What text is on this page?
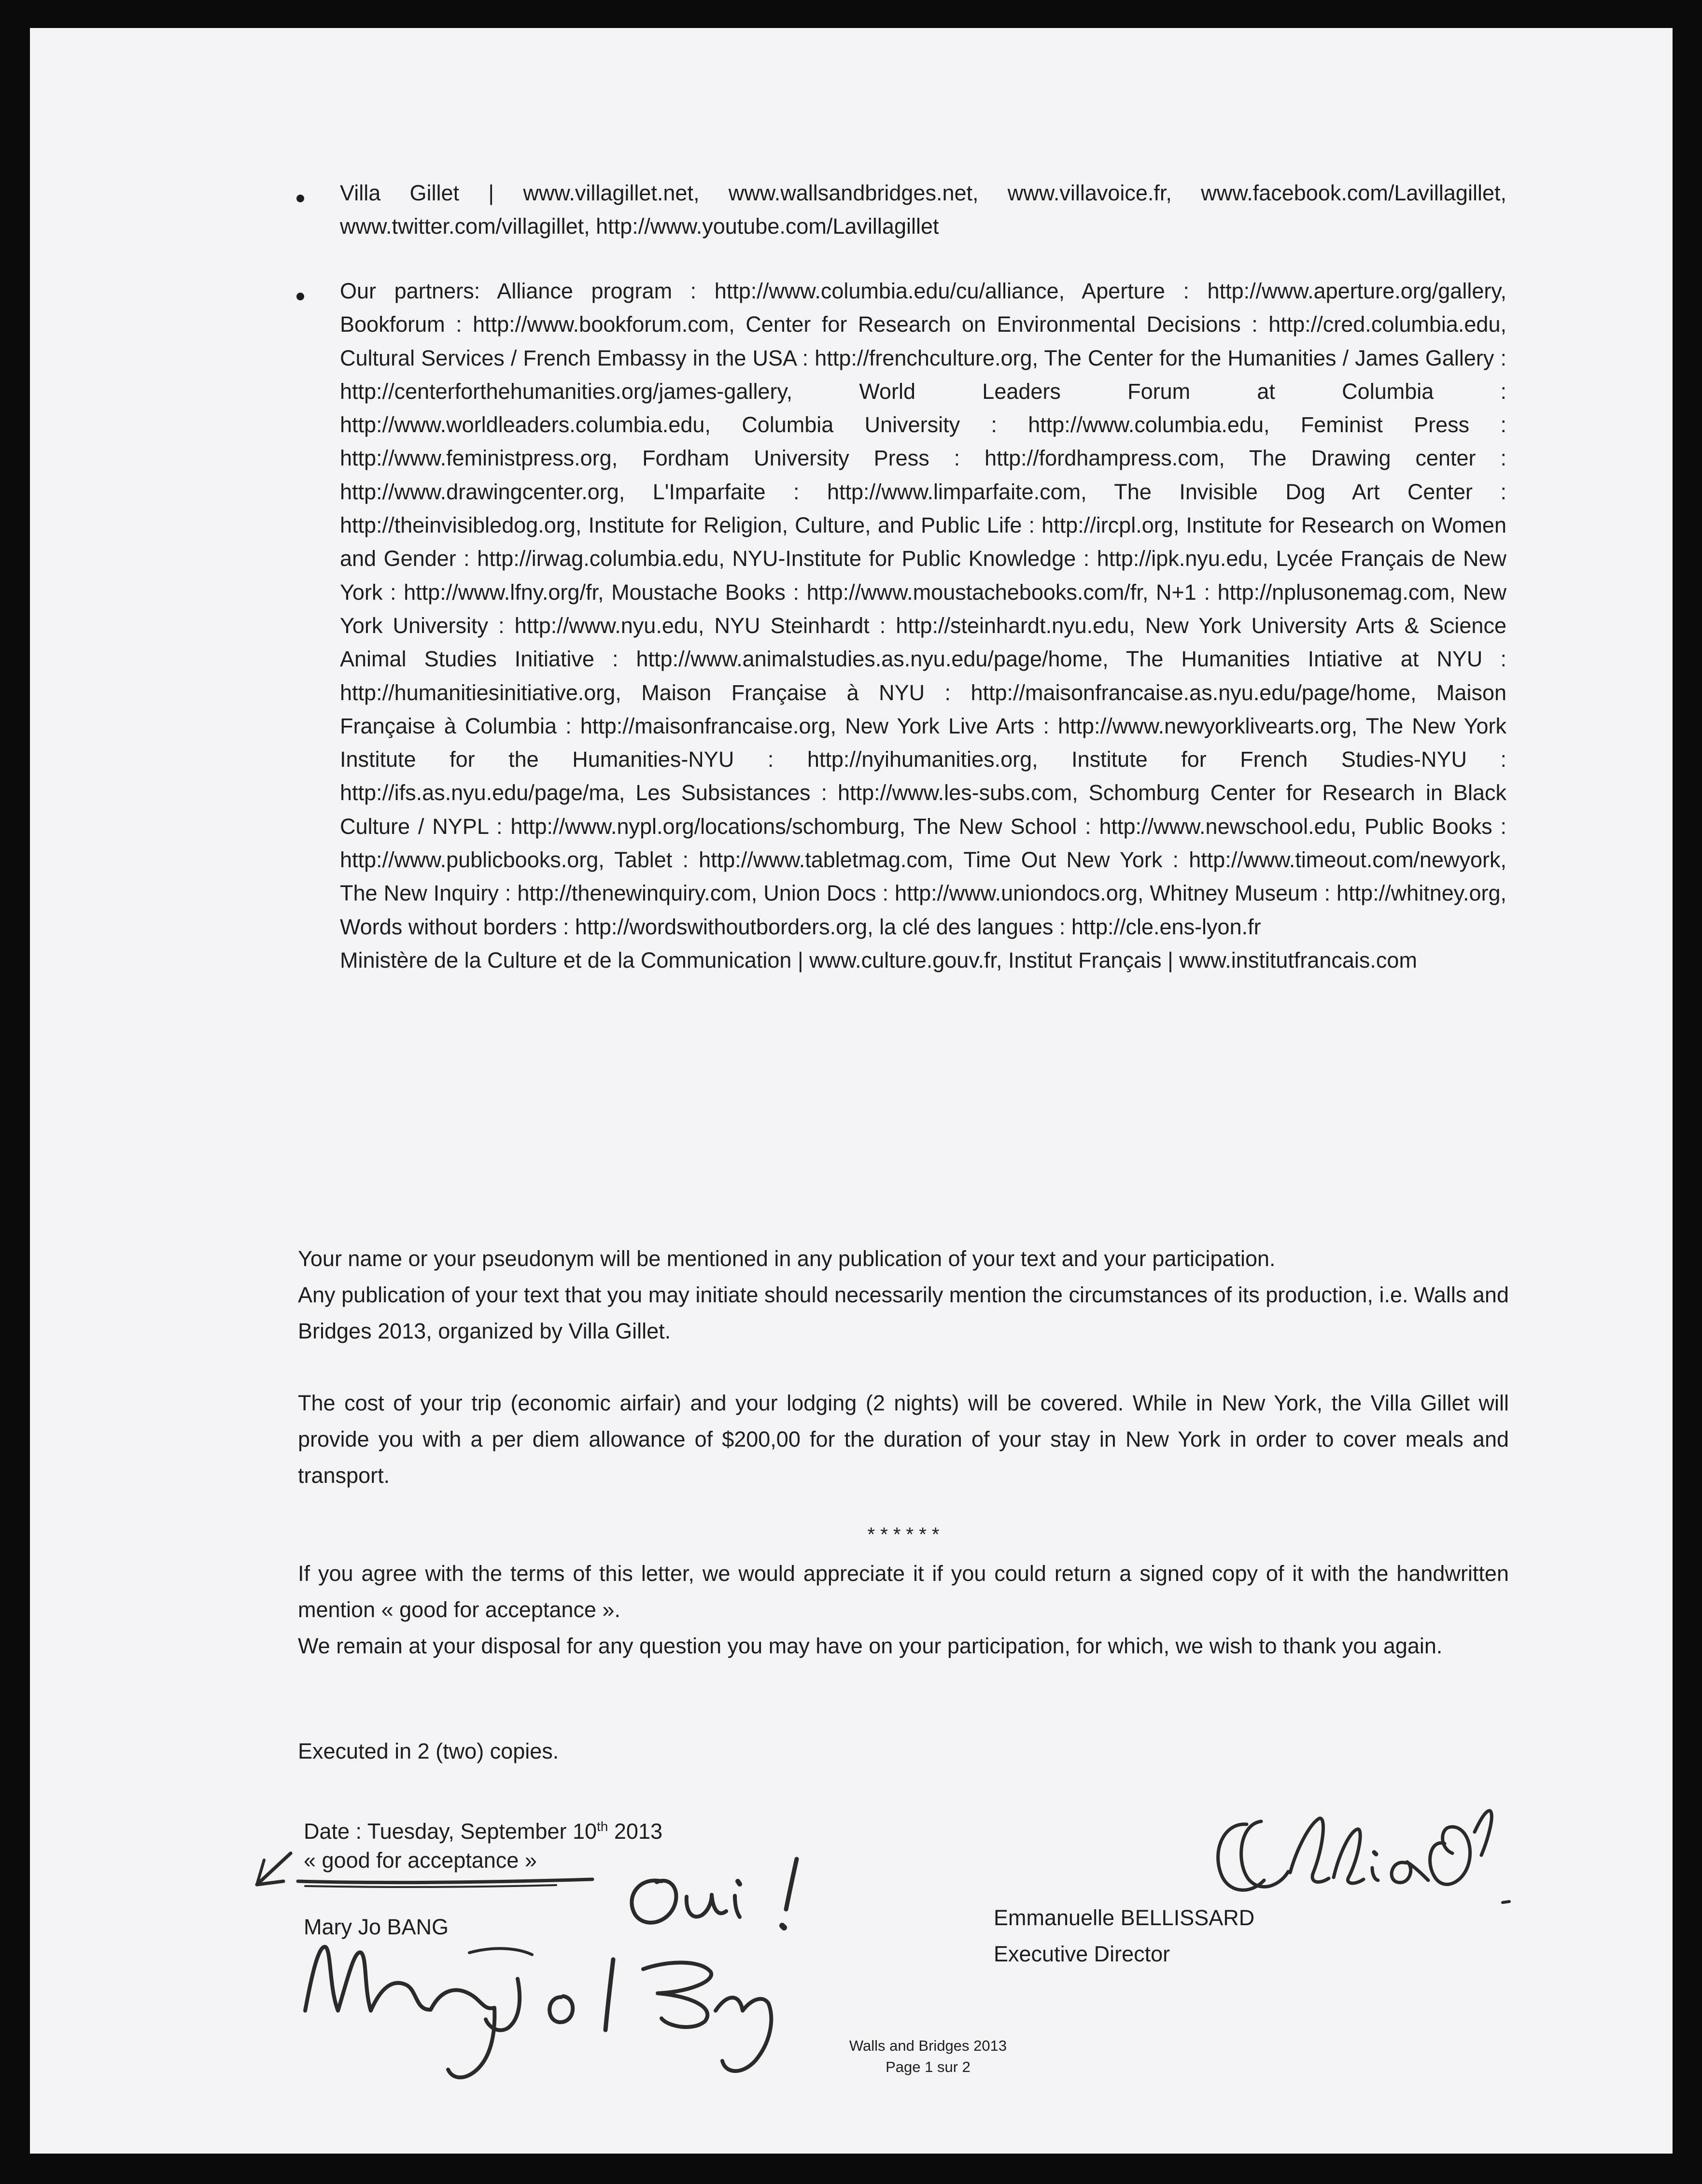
Villa Gillet | www.villagillet.net, www.wallsandbridges.net, www.villavoice.fr, www.facebook.com/Lavillagillet, www.twitter.com/villagillet, http://www.youtube.com/Lavillagillet

Our partners: Alliance program : http://www.columbia.edu/cu/alliance, Aperture : http://www.aperture.org/gallery, Bookforum : http://www.bookforum.com, Center for Research on Environmental Decisions : http://cred.columbia.edu, Cultural Services / French Embassy in the USA : http://frenchculture.org, The Center for the Humanities / James Gallery : http://centerforthehumanities.org/james-gallery, World Leaders Forum at Columbia : http://www.worldleaders.columbia.edu, Columbia University : http://www.columbia.edu, Feminist Press : http://www.feministpress.org, Fordham University Press : http://fordhampress.com, The Drawing center : http://www.drawingcenter.org, L'Imparfaite : http://www.limparfaite.com, The Invisible Dog Art Center : http://theinvisibledog.org, Institute for Religion, Culture, and Public Life : http://ircpl.org, Institute for Research on Women and Gender : http://irwag.columbia.edu, NYU-Institute for Public Knowledge : http://ipk.nyu.edu, Lycée Français de New York : http://www.lfny.org/fr, Moustache Books : http://www.moustachebooks.com/fr, N+1 : http://nplusonemag.com, New York University : http://www.nyu.edu, NYU Steinhardt : http://steinhardt.nyu.edu, New York University Arts & Science Animal Studies Initiative : http://www.animalstudies.as.nyu.edu/page/home, The Humanities Intiative at NYU : http://humanitiesinitiative.org, Maison Française à NYU : http://maisonfrancaise.as.nyu.edu/page/home, Maison Française à Columbia : http://maisonfrancaise.org, New York Live Arts : http://www.newyorklivearts.org, The New York Institute for the Humanities-NYU : http://nyihumanities.org, Institute for French Studies-NYU : http://ifs.as.nyu.edu/page/ma, Les Subsistances : http://www.les-subs.com, Schomburg Center for Research in Black Culture / NYPL : http://www.nypl.org/locations/schomburg, The New School : http://www.newschool.edu, Public Books : http://www.publicbooks.org, Tablet : http://www.tabletmag.com, Time Out New York : http://www.timeout.com/newyork, The New Inquiry : http://thenewinquiry.com, Union Docs : http://www.uniondocs.org, Whitney Museum : http://whitney.org, Words without borders : http://wordswithoutborders.org, la clé des langues : http://cle.ens-lyon.fr

Ministère de la Culture et de la Communication | www.culture.gouv.fr, Institut Français | www.institutfrancais.com

Your name or your pseudonym will be mentioned in any publication of your text and your participation.

Any publication of your text that you may initiate should necessarily mention the circumstances of its production, i.e. Walls and Bridges 2013, organized by Villa Gillet.

The cost of your trip (economic airfair) and your lodging (2 nights) will be covered. While in New York, the Villa Gillet will provide you with a per diem allowance of $200,00 for the duration of your stay in New York in order to cover meals and transport.

* * * * * *

If you agree with the terms of this letter, we would appreciate it if you could return a signed copy of it with the handwritten mention « good for acceptance ».

We remain at your disposal for any question you may have on your participation, for which, we wish to thank you again.

Executed in 2 (two) copies.
Date : Tuesday, September 10th 2013
« good for acceptance »
Mary Jo BANG	Emmanuelle BELLISSARD
Executive Director
Walls and Bridges 2013
Page 1 sur 2
